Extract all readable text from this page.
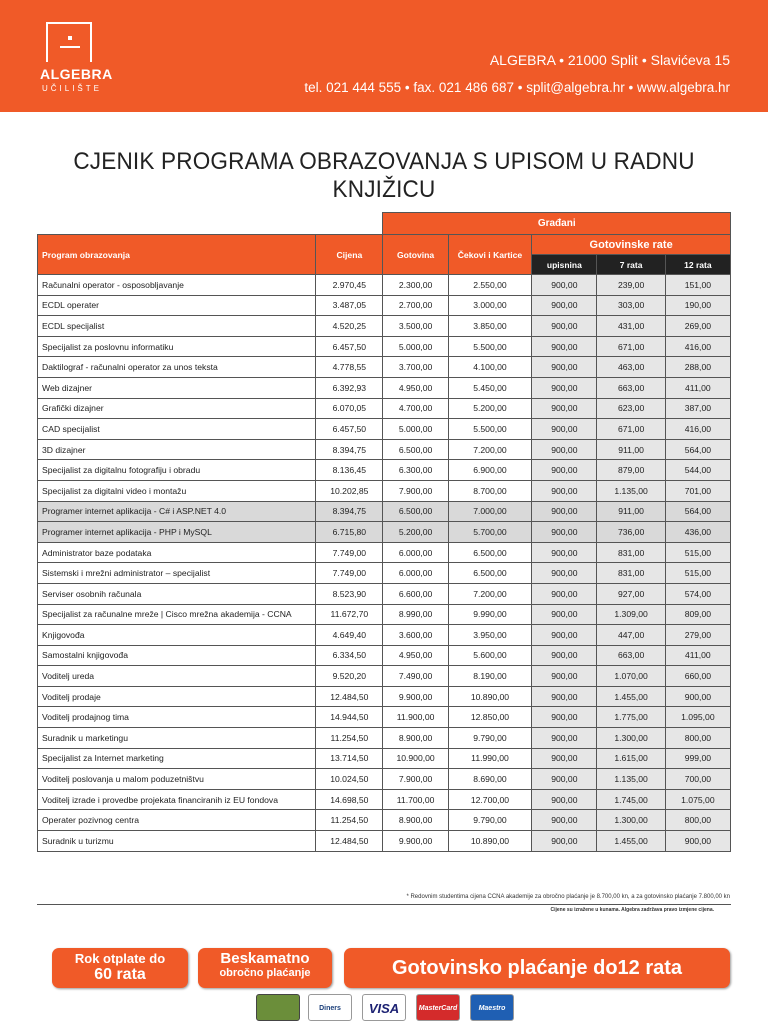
ALGEBRA
UČILIŠTE
ALGEBRA • 21000 Split • Slavićeva 15
tel. 021 444 555 • fax. 021 486 687 • split@algebra.hr • www.algebra.hr
CJENIK PROGRAMA OBRAZOVANJA S UPISOM U RADNU KNJIŽICU
		Građani				
Program obrazovanja	Cijena	Gotovina	Čekovi i Kartice	Gotovinske rate		
				upisnina	7 rata	12 rata
Računalni operator - osposobljavanje	2.970,45	2.300,00	2.550,00	900,00	239,00	151,00
ECDL operater	3.487,05	2.700,00	3.000,00	900,00	303,00	190,00
ECDL specijalist	4.520,25	3.500,00	3.850,00	900,00	431,00	269,00
Specijalist za poslovnu informatiku	6.457,50	5.000,00	5.500,00	900,00	671,00	416,00
Daktilograf - računalni operator za unos teksta	4.778,55	3.700,00	4.100,00	900,00	463,00	288,00
Web dizajner	6.392,93	4.950,00	5.450,00	900,00	663,00	411,00
Grafički dizajner	6.070,05	4.700,00	5.200,00	900,00	623,00	387,00
CAD specijalist	6.457,50	5.000,00	5.500,00	900,00	671,00	416,00
3D dizajner	8.394,75	6.500,00	7.200,00	900,00	911,00	564,00
Specijalist za digitalnu fotografiju i obradu	8.136,45	6.300,00	6.900,00	900,00	879,00	544,00
Specijalist za digitalni video i montažu	10.202,85	7.900,00	8.700,00	900,00	1.135,00	701,00
Programer internet aplikacija - C# i ASP.NET 4.0	8.394,75	6.500,00	7.000,00	900,00	911,00	564,00
Programer internet aplikacija - PHP i MySQL	6.715,80	5.200,00	5.700,00	900,00	736,00	436,00
Administrator baze podataka	7.749,00	6.000,00	6.500,00	900,00	831,00	515,00
Sistemski i mrežni administrator – specijalist	7.749,00	6.000,00	6.500,00	900,00	831,00	515,00
Serviser osobnih računala	8.523,90	6.600,00	7.200,00	900,00	927,00	574,00
Specijalist za računalne mreže | Cisco mrežna akademija - CCNA	11.672,70	8.990,00	9.990,00	900,00	1.309,00	809,00
Knjigovođa	4.649,40	3.600,00	3.950,00	900,00	447,00	279,00
Samostalni knjigovođa	6.334,50	4.950,00	5.600,00	900,00	663,00	411,00
Voditelj ureda	9.520,20	7.490,00	8.190,00	900,00	1.070,00	660,00
Voditelj prodaje	12.484,50	9.900,00	10.890,00	900,00	1.455,00	900,00
Voditelj prodajnog tima	14.944,50	11.900,00	12.850,00	900,00	1.775,00	1.095,00
Suradnik u marketingu	11.254,50	8.900,00	9.790,00	900,00	1.300,00	800,00
Specijalist za Internet marketing	13.714,50	10.900,00	11.990,00	900,00	1.615,00	999,00
Voditelj poslovanja u malom poduzetništvu	10.024,50	7.900,00	8.690,00	900,00	1.135,00	700,00
Voditelj izrade i provedbe projekata financiranih iz EU fondova	14.698,50	11.700,00	12.700,00	900,00	1.745,00	1.075,00
Operater pozivnog centra	11.254,50	8.900,00	9.790,00	900,00	1.300,00	800,00
Suradnik u turizmu	12.484,50	9.900,00	10.890,00	900,00	1.455,00	900,00
* Redovnim studentima cijena CCNA akademije za obročno plaćanje je 8.700,00 kn, a za gotovinsko plaćanje 7.800,00 kn
Cijene su izražene u kunama. Algebra zadržava pravo izmjene cijena.
Rok otplate do
60 rata
Beskamatno
obročno plaćanje	Gotovinsko plaćanje do12 rata
Diners	VISA	MasterCard	Maestro
